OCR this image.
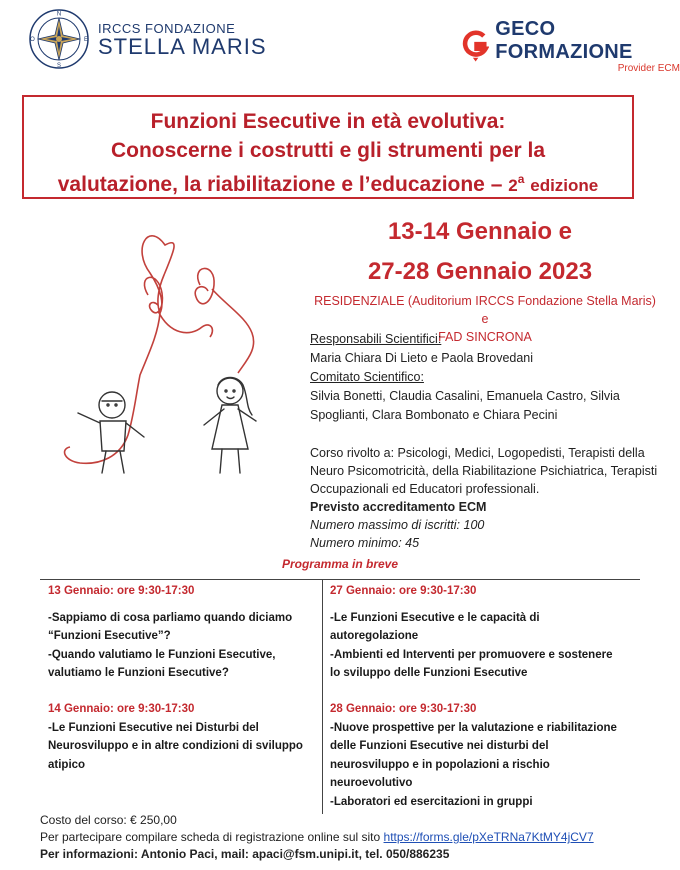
N
E
S
O
IRCCS FONDAZIONE
STELLA MARIS
GECO FORMAZIONE
Provider ECM
Funzioni Esecutive in età evolutiva:
Conoscerne i costrutti e gli strumenti per la
valutazione, la riabilitazione e l’educazione – 2$^a$ edizione
13-14 Gennaio e
27-28 Gennaio 2023
RESIDENZIALE (Auditorium IRCCS Fondazione Stella Maris) e
FAD SINCRONA
Responsabili Scientifici:
Maria Chiara Di Lieto e Paola Brovedani
Comitato Scientifico:
Silvia Bonetti, Claudia Casalini, Emanuela Castro, Silvia
Spoglianti, Clara Bombonato e Chiara Pecini
Corso rivolto a: Psicologi, Medici, Logopedisti, Terapisti della
Neuro Psicomotricità, della Riabilitazione Psichiatrica, Terapisti
Occupazionali ed Educatori professionali.
Previsto accreditamento ECM
Numero massimo di iscritti: 100
Numero minimo: 45
Programma in breve
13 Gennaio: ore 9:30-17:30
-Sappiamo di cosa parliamo quando diciamo
“Funzioni Esecutive”?
-Quando valutiamo le Funzioni Esecutive,
valutiamo le Funzioni Esecutive?
27 Gennaio: ore 9:30-17:30
-Le Funzioni Esecutive e le capacità di
autoregolazione
-Ambienti ed Interventi per promuovere e sostenere
lo sviluppo delle Funzioni Esecutive
14 Gennaio: ore 9:30-17:30
-Le Funzioni Esecutive nei Disturbi del
Neurosviluppo e in altre condizioni di sviluppo
atipico
28 Gennaio: ore 9:30-17:30
-Nuove prospettive per la valutazione e riabilitazione
delle Funzioni Esecutive nei disturbi del
neurosviluppo e in popolazioni a rischio
neuroevolutivo
-Laboratori ed esercitazioni in gruppi
Costo del corso: € 250,00
Per partecipare compilare scheda di registrazione online sul sito https://forms.gle/pXeTRNa7KtMY4jCV7
Per informazioni: Antonio Paci, mail: apaci@fsm.unipi.it, tel. 050/886235
